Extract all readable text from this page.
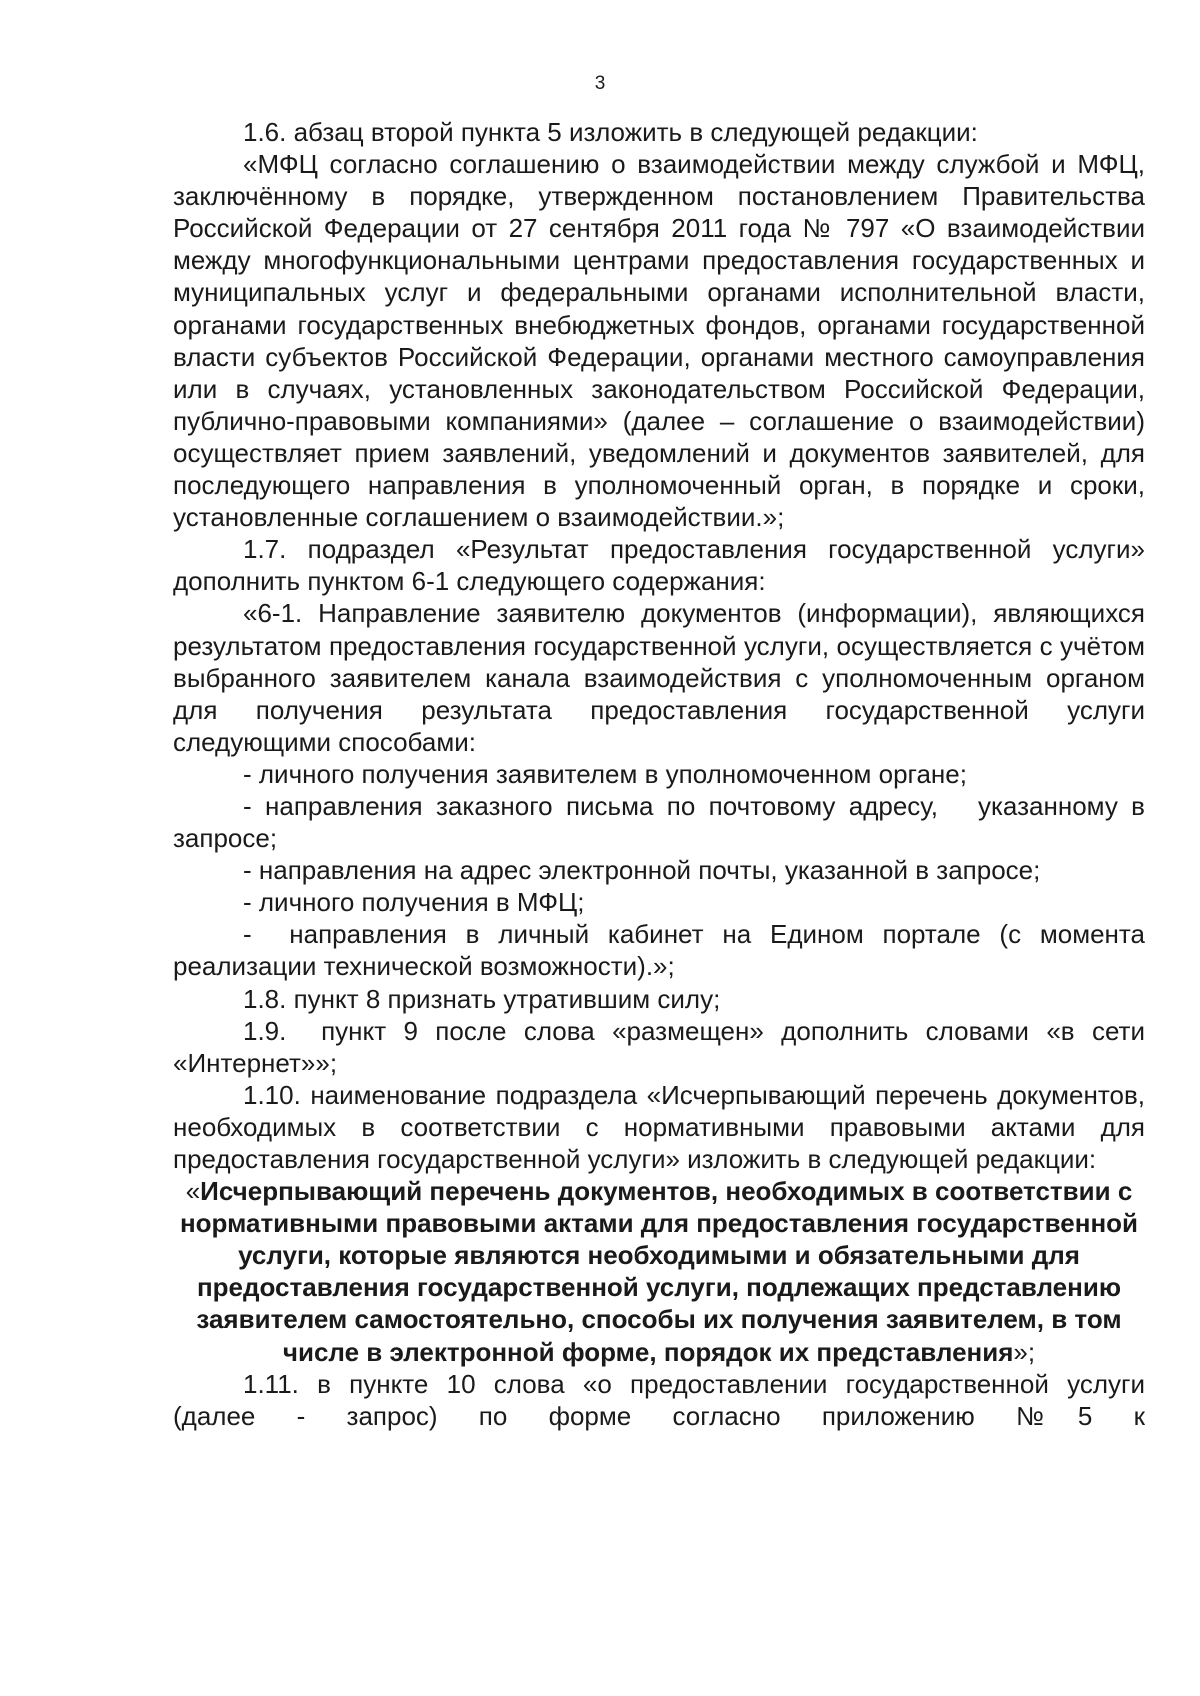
3

1.6. абзац второй пункта 5 изложить в следующей редакции:

«МФЦ согласно соглашению о взаимодействии между службой и МФЦ, заключённому в порядке, утвержденном постановлением Правительства Российской Федерации от 27 сентября 2011 года № 797 «О взаимодействии между многофункциональными центрами предоставления государственных и муниципальных услуг и федеральными органами исполнительной власти, органами государственных внебюджетных фондов, органами государственной власти субъектов Российской Федерации, органами местного самоуправления или в случаях, установленных законодательством Российской Федерации, публично-правовыми компаниями» (далее – соглашение о взаимодействии) осуществляет прием заявлений, уведомлений и документов заявителей, для последующего направления в уполномоченный орган, в порядке и сроки, установленные соглашением о взаимодействии.»;

1.7. подраздел «Результат предоставления государственной услуги» дополнить пунктом 6-1 следующего содержания:

«6-1. Направление заявителю документов (информации), являющихся результатом предоставления государственной услуги, осуществляется с учётом выбранного заявителем канала взаимодействия с уполномоченным органом для получения результата предоставления государственной услуги следующими способами:

- личного получения заявителем в уполномоченном органе;

- направления заказного письма по почтовому адресу,   указанному в запросе;

- направления на адрес электронной почты, указанной в запросе;

- личного получения в МФЦ;

-  направления в личный кабинет на Едином портале (с момента реализации технической возможности).»;

1.8. пункт 8 признать утратившим силу;

1.9.  пункт 9 после слова «размещен» дополнить словами «в сети «Интернет»»;

1.10. наименование подраздела «Исчерпывающий перечень документов,  необходимых в соответствии с нормативными правовыми актами для предоставления государственной услуги» изложить в следующей редакции:

«Исчерпывающий перечень документов, необходимых в соответствии с нормативными правовыми актами для предоставления государственной услуги, которые являются необходимыми и обязательными для предоставления государственной услуги, подлежащих представлению заявителем самостоятельно, способы их получения заявителем, в том числе в электронной форме, порядок их представления»;

1.11. в пункте 10 слова «о предоставлении государственной услуги (далее  -  запрос)  по  форме  согласно  приложению  № 5  к
